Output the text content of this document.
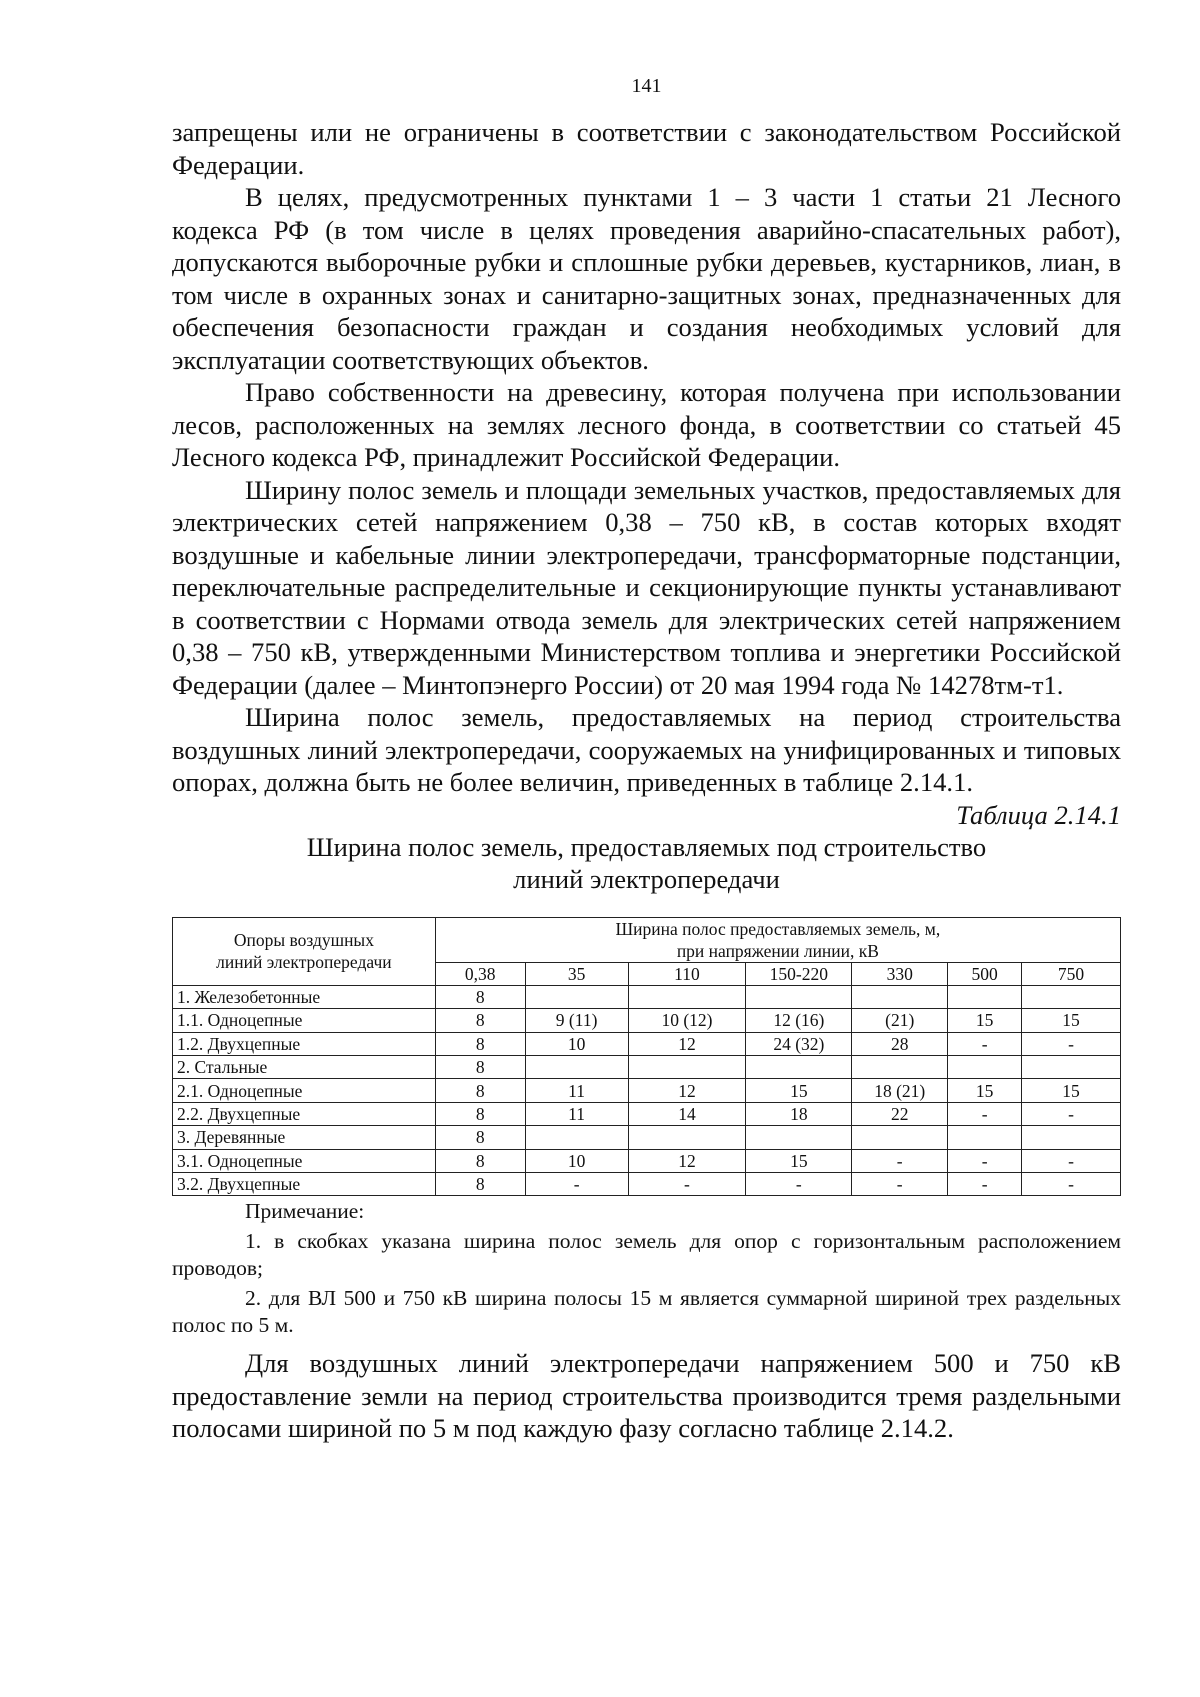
141

запрещены или не ограничены в соответствии с законодательством Российской Федерации.

В целях, предусмотренных пунктами 1 – 3 части 1 статьи 21 Лесного кодекса РФ (в том числе в целях проведения аварийно-спасательных работ), допускаются выборочные рубки и сплошные рубки деревьев, кустарников, лиан, в том числе в охранных зонах и санитарно-защитных зонах, предназначенных для обеспечения безопасности граждан и создания необходимых условий для эксплуатации соответствующих объектов.

Право собственности на древесину, которая получена при использовании лесов, расположенных на землях лесного фонда, в соответствии со статьей 45 Лесного кодекса РФ, принадлежит Российской Федерации.

Ширину полос земель и площади земельных участков, предоставляемых для электрических сетей напряжением 0,38 – 750 кВ, в состав которых входят воздушные и кабельные линии электропередачи, трансформаторные подстанции, переключательные распределительные и секционирующие пункты устанавливают в соответствии с Нормами отвода земель для электрических сетей напряжением 0,38 – 750 кВ, утвержденными Министерством топлива и энергетики Российской Федерации (далее – Минтопэнерго России) от 20 мая 1994 года № 14278тм-т1.

Ширина полос земель, предоставляемых на период строительства воздушных линий электропередачи, сооружаемых на унифицированных и типовых опорах, должна быть не более величин, приведенных в таблице 2.14.1.

Таблица 2.14.1

Ширина полос земель, предоставляемых под строительство
линий электропередачи

Опоры воздушных
линий электропередачи	Ширина полос предоставляемых земель, м,
при напряжении линии, кВ						
	0,38	35	110	150-220	330	500	750
1. Железобетонные	8						
1.1. Одноцепные	8	9 (11)	10 (12)	12 (16)	(21)	15	15
1.2. Двухцепные	8	10	12	24 (32)	28	-	-
2. Стальные	8						
2.1. Одноцепные	8	11	12	15	18 (21)	15	15
2.2. Двухцепные	8	11	14	18	22	-	-
3. Деревянные	8						
3.1. Одноцепные	8	10	12	15	-	-	-
3.2. Двухцепные	8	-	-	-	-	-	-

Примечание:

1. в скобках указана ширина полос земель для опор с горизонтальным расположением проводов;

2. для ВЛ 500 и 750 кВ ширина полосы 15 м является суммарной шириной трех раздельных полос по 5 м.

Для воздушных линий электропередачи напряжением 500 и 750 кВ предоставление земли на период строительства производится тремя раздельными полосами шириной по 5 м под каждую фазу согласно таблице 2.14.2.
